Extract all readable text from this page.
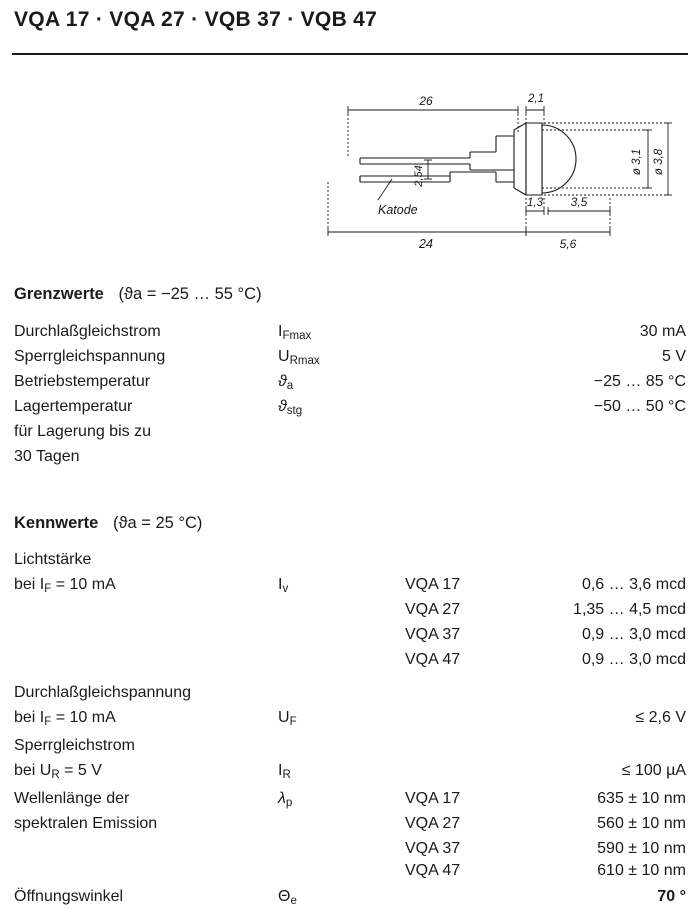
VQA 17 · VQA 27 · VQB 37 · VQB 47
26	2,1
2,54
ø 3,1 ø 3,8
Katode
24
1,3 3,5
5,6
Grenzwerte (ϑa = −25 … 55 °C)
Durchlaßgleichstrom	$I_{Fmax}$	30 mA
Sperrgleichspannung	$U_{Rmax}$	5 V
Betriebstemperatur	$ϑ_a$	−25 … 85 °C
Lagertemperatur	$ϑ_{stg}$	−50 … 50 °C
für Lagerung bis zu
30 Tagen
Kennwerte (ϑa = 25 °C)
Lichtstärke
bei $I_F = 10$ mA	$I_v$	VQA 17	0,6 … 3,6 mcd
VQA 27	1,35 … 4,5 mcd
VQA 37	0,9 … 3,0 mcd
VQA 47	0,9 … 3,0 mcd
Durchlaßgleichspannung
bei $I_F = 10$ mA	$U_F$	≤ 2,6 V
Sperrgleichstrom
bei $U_R = 5$ V	$I_R$	≤ 100 µA
Wellenlänge der
spektralen Emission
$\lambda_p$	VQA 17	635 ± 10 nm
VQA 27	560 ± 10 nm
VQA 37	590 ± 10 nm
VQA 47	610 ± 10 nm
Öffnungswinkel	$\Theta_e$	70 °
